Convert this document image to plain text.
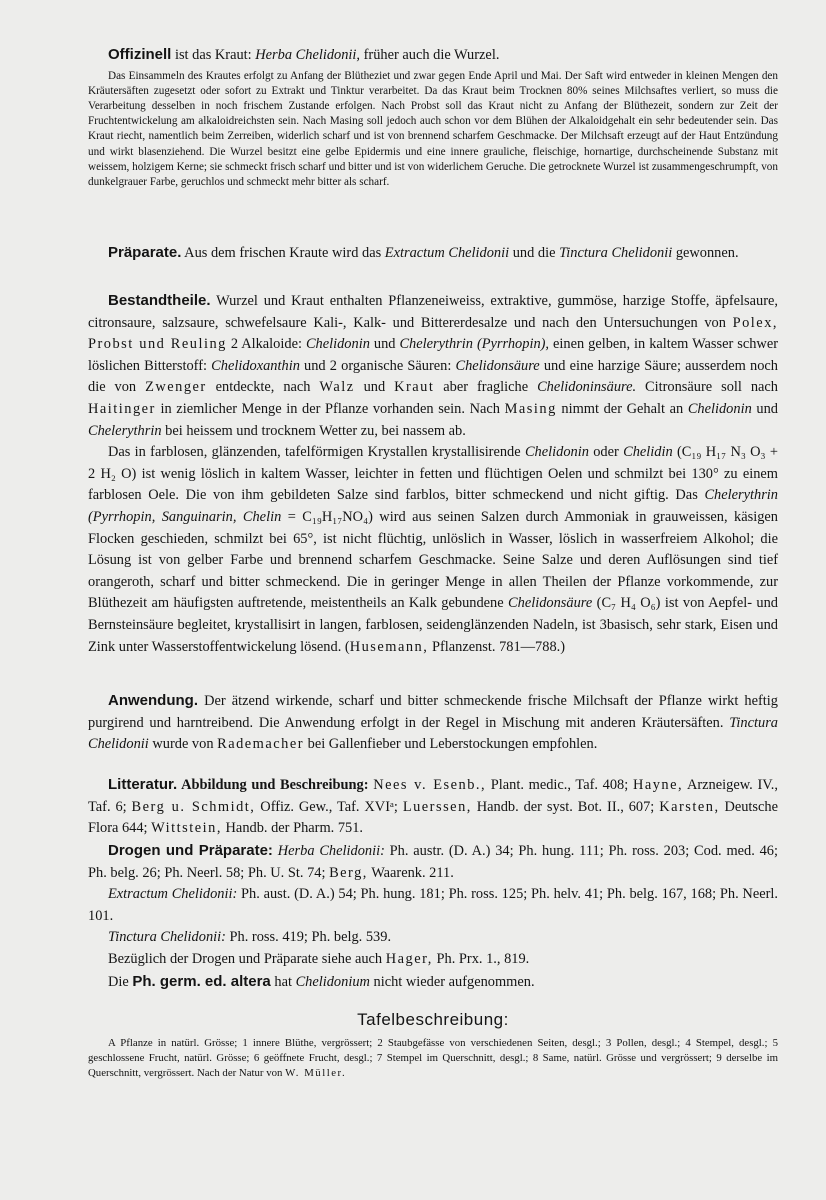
Offizinell ist das Kraut: Herba Chelidonii, früher auch die Wurzel.

Das Einsammeln des Krautes erfolgt zu Anfang der Blütheziet und zwar gegen Ende April und Mai. Der Saft wird entweder in kleinen Mengen den Kräutersäften zugesetzt oder sofort zu Extrakt und Tinktur verarbeitet. Da das Kraut beim Trocknen 80% seines Milchsaftes verliert, so muss die Verarbeitung desselben in noch frischem Zustande erfolgen. Nach Probst soll das Kraut nicht zu Anfang der Blüthezeit, sondern zur Zeit der Fruchtentwickelung am alkaloidreichsten sein. Nach Masing soll jedoch auch schon vor dem Blühen der Alkaloidgehalt ein sehr bedeutender sein. Das Kraut riecht, namentlich beim Zerreiben, widerlich scharf und ist von brennend scharfem Geschmacke. Der Milchsaft erzeugt auf der Haut Entzündung und wirkt blasenziehend. Die Wurzel besitzt eine gelbe Epidermis und eine innere grauliche, fleischige, hornartige, durchscheinende Substanz mit weissem, holzigem Kerne; sie schmeckt frisch scharf und bitter und ist von widerlichem Geruche. Die getrocknete Wurzel ist zusammengeschrumpft, von dunkelgrauer Farbe, geruchlos und schmeckt mehr bitter als scharf.

Präparate. Aus dem frischen Kraute wird das Extractum Chelidonii und die Tinctura Chelidonii gewonnen.

Bestandtheile. Wurzel und Kraut enthalten Pflanzeneiweiss, extraktive, gummöse, harzige Stoffe, äpfelsaure, citronsaure, salzsaure, schwefelsaure Kali-, Kalk- und Bittererdesalze und nach den Untersuchungen von Polex, Probst und Reuling 2 Alkaloide: Chelidonin und Chelerythrin (Pyrrhopin), einen gelben, in kaltem Wasser schwer löslichen Bitterstoff: Chelidoxanthin und 2 organische Säuren: Chelidonsäure und eine harzige Säure; ausserdem noch die von Zwenger entdeckte, nach Walz und Kraut aber fragliche Chelidoninsäure. Citronsäure soll nach Haitinger in ziemlicher Menge in der Pflanze vorhanden sein. Nach Masing nimmt der Gehalt an Chelidonin und Chelerythrin bei heissem und trocknem Wetter zu, bei nassem ab.

Das in farblosen, glänzenden, tafelförmigen Krystallen krystallisirende Chelidonin oder Chelidin (C₁₉ H₁₇ N₃ O₃ + 2 H₂ O) ist wenig löslich in kaltem Wasser, leichter in fetten und flüchtigen Oelen und schmilzt bei 130° zu einem farblosen Oele. Die von ihm gebildeten Salze sind farblos, bitter schmeckend und nicht giftig. Das Chelerythrin (Pyrrhopin, Sanguinarin, Chelin = C₁₉H₁₇NO₄) wird aus seinen Salzen durch Ammoniak in grauweissen, käsigen Flocken geschieden, schmilzt bei 65°, ist nicht flüchtig, unlöslich in Wasser, löslich in wasserfreiem Alkohol; die Lösung ist von gelber Farbe und brennend scharfem Geschmacke. Seine Salze und deren Auflösungen sind tief orangeroth, scharf und bitter schmeckend. Die in geringer Menge in allen Theilen der Pflanze vorkommende, zur Blüthezeit am häufigsten auftretende, meistentheils an Kalk gebundene Chelidonsäure (C₇ H₄ O₆) ist von Aepfel- und Bernsteinsäure begleitet, krystallisirt in langen, farblosen, seidenglänzenden Nadeln, ist 3basisch, sehr stark, Eisen und Zink unter Wasserstoffentwickelung lösend. (Husemann, Pflanzenst. 781—788.)

Anwendung. Der ätzend wirkende, scharf und bitter schmeckende frische Milchsaft der Pflanze wirkt heftig purgirend und harntreibend. Die Anwendung erfolgt in der Regel in Mischung mit anderen Kräutersäften. Tinctura Chelidonii wurde von Rademacher bei Gallenfieber und Leberstockungen empfohlen.

Litteratur. Abbildung und Beschreibung: Nees v. Esenb., Plant. medic., Taf. 408; Hayne, Arzneigew. IV., Taf. 6; Berg u. Schmidt, Offiz. Gew., Taf. XVIᵃ; Luerssen, Handb. der syst. Bot. II., 607; Karsten, Deutsche Flora 644; Wittstein, Handb. der Pharm. 751.

Drogen und Präparate: Herba Chelidonii: Ph. austr. (D. A.) 34; Ph. hung. 111; Ph. ross. 203; Cod. med. 46; Ph. belg. 26; Ph. Neerl. 58; Ph. U. St. 74; Berg, Waarenk. 211.

Extractum Chelidonii: Ph. aust. (D. A.) 54; Ph. hung. 181; Ph. ross. 125; Ph. helv. 41; Ph. belg. 167, 168; Ph. Neerl. 101.

Tinctura Chelidonii: Ph. ross. 419; Ph. belg. 539.

Bezüglich der Drogen und Präparate siehe auch Hager, Ph. Prx. 1., 819.

Die Ph. germ. ed. altera hat Chelidonium nicht wieder aufgenommen.

Tafelbeschreibung:

A Pflanze in natürl. Grösse; 1 innere Blüthe, vergrössert; 2 Staubgefässe von verschiedenen Seiten, desgl.; 3 Pollen, desgl.; 4 Stempel, desgl.; 5 geschlossene Frucht, natürl. Grösse; 6 geöffnete Frucht, desgl.; 7 Stempel im Querschnitt, desgl.; 8 Same, natürl. Grösse und vergrössert; 9 derselbe im Querschnitt, vergrössert. Nach der Natur von W. Müller.
